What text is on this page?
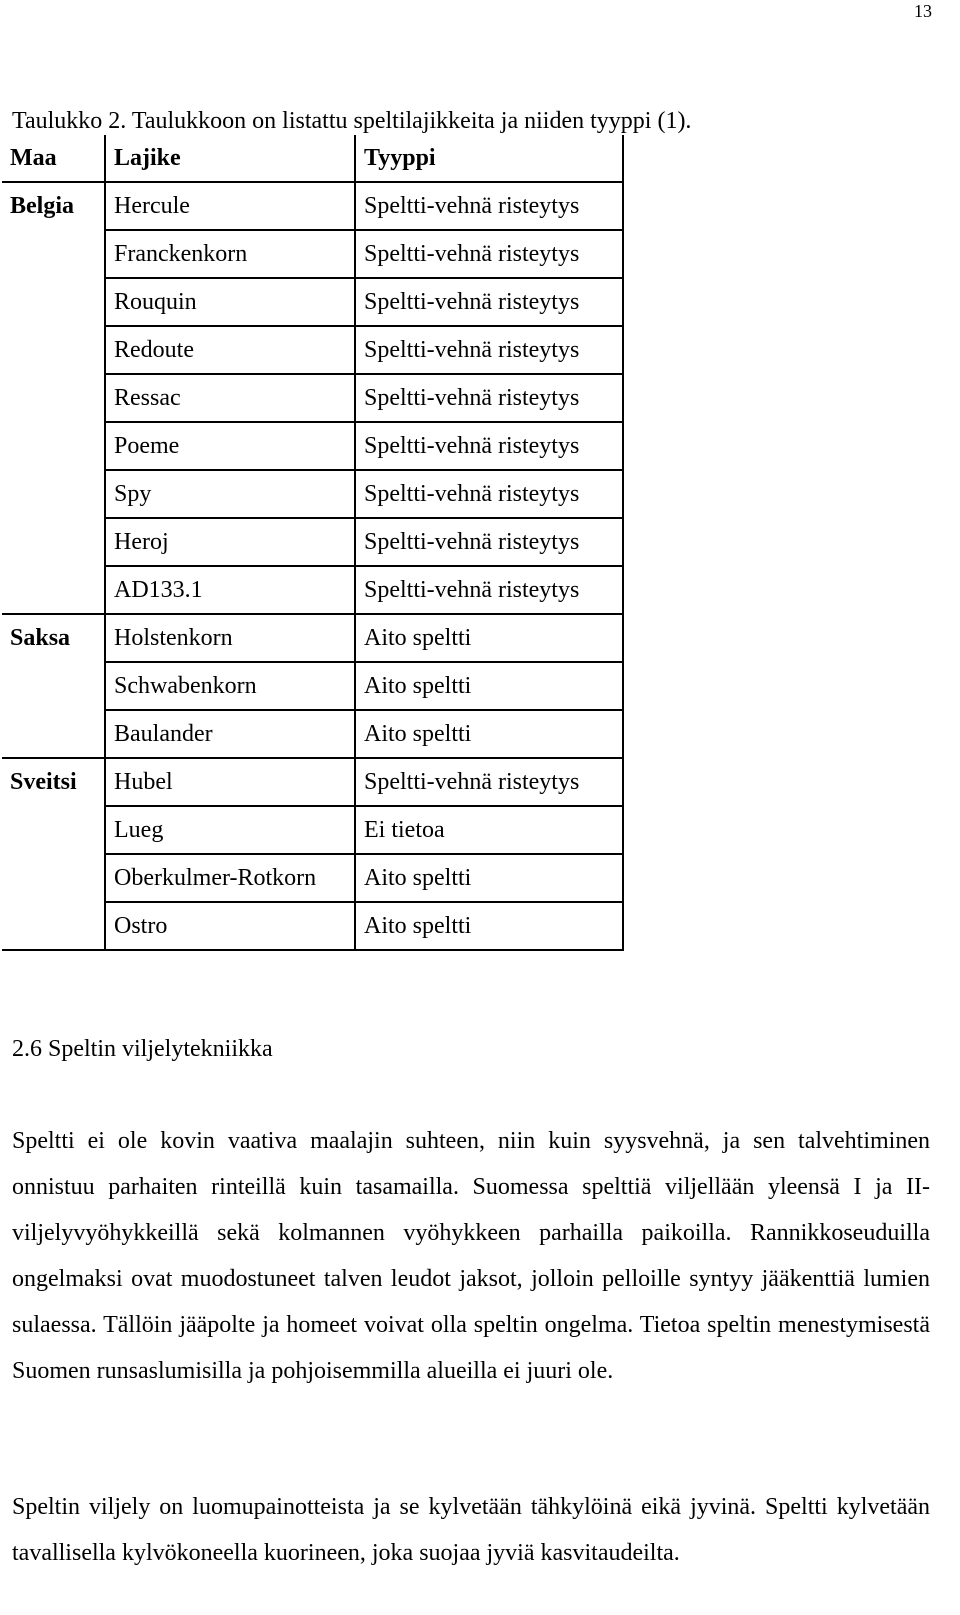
13
Taulukko 2. Taulukkoon on listattu speltilajikkeita ja niiden tyyppi (1).
Maa	Lajike	Tyyppi
Belgia	Hercule	Speltti-vehnä risteytys
	Franckenkorn	Speltti-vehnä risteytys
	Rouquin	Speltti-vehnä risteytys
	Redoute	Speltti-vehnä risteytys
	Ressac	Speltti-vehnä risteytys
	Poeme	Speltti-vehnä risteytys
	Spy	Speltti-vehnä risteytys
	Heroj	Speltti-vehnä risteytys
	AD133.1	Speltti-vehnä risteytys
Saksa	Holstenkorn	Aito speltti
	Schwabenkorn	Aito speltti
	Baulander	Aito speltti
Sveitsi	Hubel	Speltti-vehnä risteytys
	Lueg	Ei tietoa
	Oberkulmer-Rotkorn	Aito speltti
	Ostro	Aito speltti
2.6 Speltin viljelytekniikka
Speltti ei ole kovin vaativa maalajin suhteen, niin kuin syysvehnä, ja sen talvehtiminen onnistuu parhaiten rinteillä kuin tasamailla. Suomessa spelttiä viljellään yleensä I ja II-viljelyvyöhykkeillä sekä kolmannen vyöhykkeen parhailla paikoilla. Rannikkoseuduilla ongelmaksi ovat muodostuneet talven leudot jaksot, jolloin pelloille syntyy jääkenttiä lumien sulaessa. Tällöin jääpolte ja homeet voivat olla speltin ongelma. Tietoa speltin menestymisestä Suomen runsaslumisilla ja pohjoisemmilla alueilla ei juuri ole.
Speltin viljely on luomupainotteista ja se kylvetään tähkylöinä eikä jyvinä. Speltti kylvetään tavallisella kylvökoneella kuorineen, joka suojaa jyviä kasvitaudeilta.
